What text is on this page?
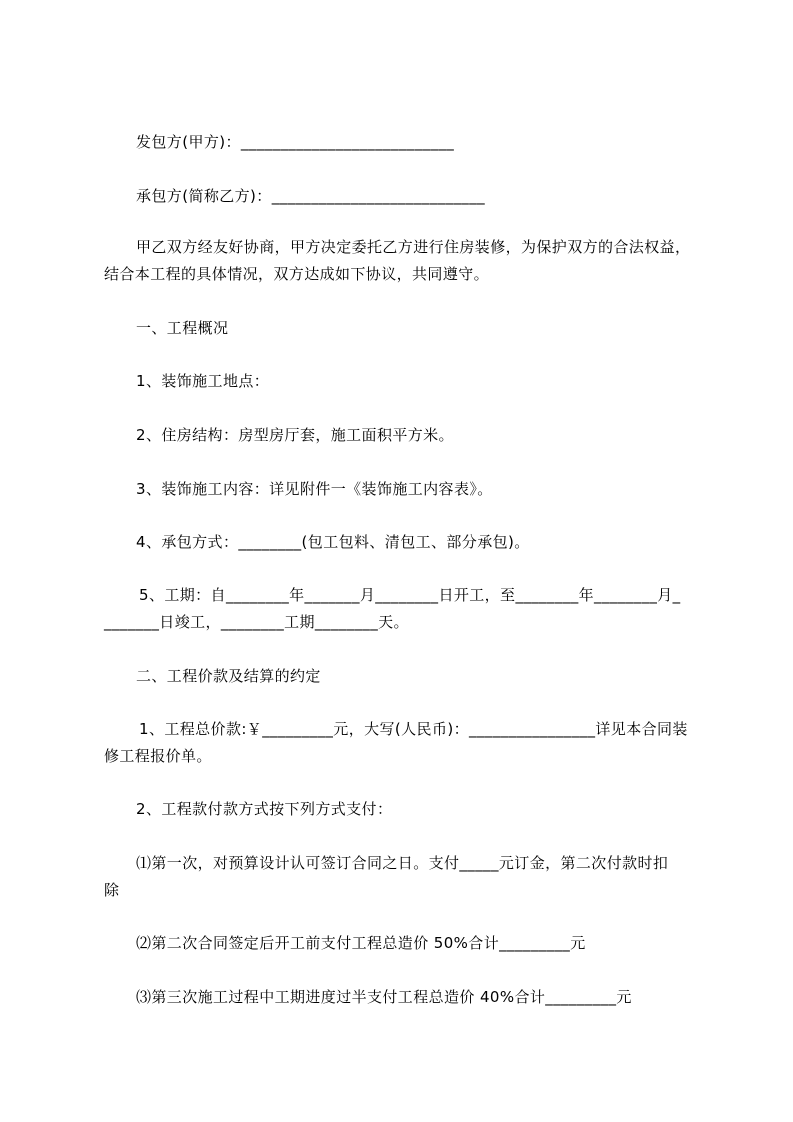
发包方(甲方)：___________________________
承包方(简称乙方)：___________________________
甲乙双方经友好协商，甲方决定委托乙方进行住房装修，为保护双方的合法权益，
结合本工程的具体情况，双方达成如下协议，共同遵守。
一、工程概况
1、装饰施工地点：
2、住房结构：房型房厅套，施工面积平方米。
3、装饰施工内容：详见附件一《装饰施工内容表》。
4、承包方式：________(包工包料、清包工、部分承包)。
5、工期：自________年_______月________日开工，至________年________月_
_______日竣工，________工期________天。
二、工程价款及结算的约定
1、工程总价款:￥_________元，大写(人民币)：________________详见本合同装
修工程报价单。
2、工程款付款方式按下列方式支付：
⑴第一次，对预算设计认可签订合同之日。支付_____元订金，第二次付款时扣
除
⑵第二次合同签定后开工前支付工程总造价 50%合计_________元
⑶第三次施工过程中工期进度过半支付工程总造价 40%合计_________元
